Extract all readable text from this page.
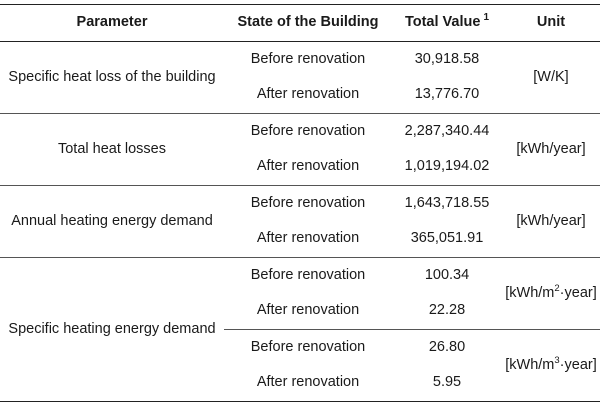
Parameter	State of the Building	Total Value $^1$	Unit
Specific heat loss of the building	Before renovation	30,918.58	[W/K]
	After renovation	13,776.70	
Total heat losses	Before renovation	2,287,340.44	[kWh/year]
	After renovation	1,019,194.02	
Annual heating energy demand	Before renovation	1,643,718.55	[kWh/year]
	After renovation	365,051.91	
Specific heating energy demand	Before renovation	100.34	$[kWh/m^2\cdot year]$
	After renovation	22.28	
	Before renovation	26.80	$[kWh/m^3\cdot year]$
	After renovation	5.95	
